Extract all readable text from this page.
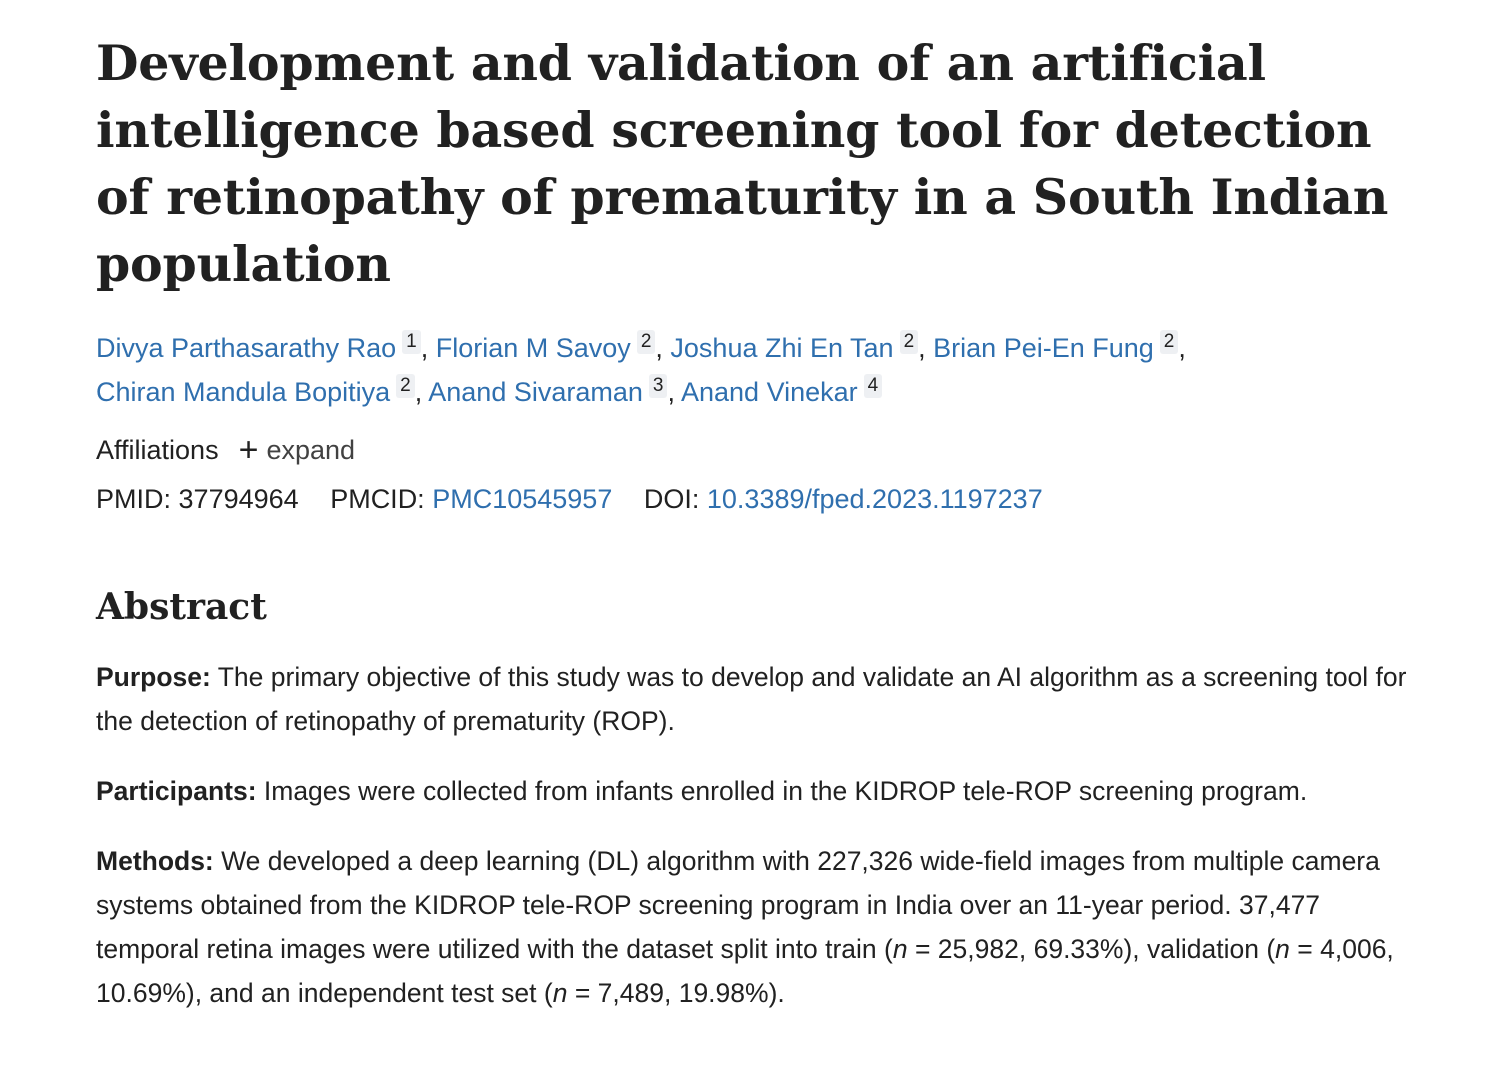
Development and validation of an artificial intelligence based screening tool for detection of retinopathy of prematurity in a South Indian population
Divya Parthasarathy Rao 1 , Florian M Savoy 2 , Joshua Zhi En Tan 2 , Brian Pei-En Fung 2 ,
Chiran Mandula Bopitiya 2 , Anand Sivaraman 3 , Anand Vinekar 4
Affiliations + expand
PMID: 37794964 PMCID: PMC10545957 DOI: 10.3389/fped.2023.1197237
Abstract

Purpose: The primary objective of this study was to develop and validate an AI algorithm as a screening tool for the detection of retinopathy of prematurity (ROP).

Participants: Images were collected from infants enrolled in the KIDROP tele-ROP screening program.

Methods: We developed a deep learning (DL) algorithm with 227,326 wide-field images from multiple camera systems obtained from the KIDROP tele-ROP screening program in India over an 11-year period. 37,477 temporal retina images were utilized with the dataset split into train (n = 25,982, 69.33%), validation (n = 4,006, 10.69%), and an independent test set (n = 7,489, 19.98%).
